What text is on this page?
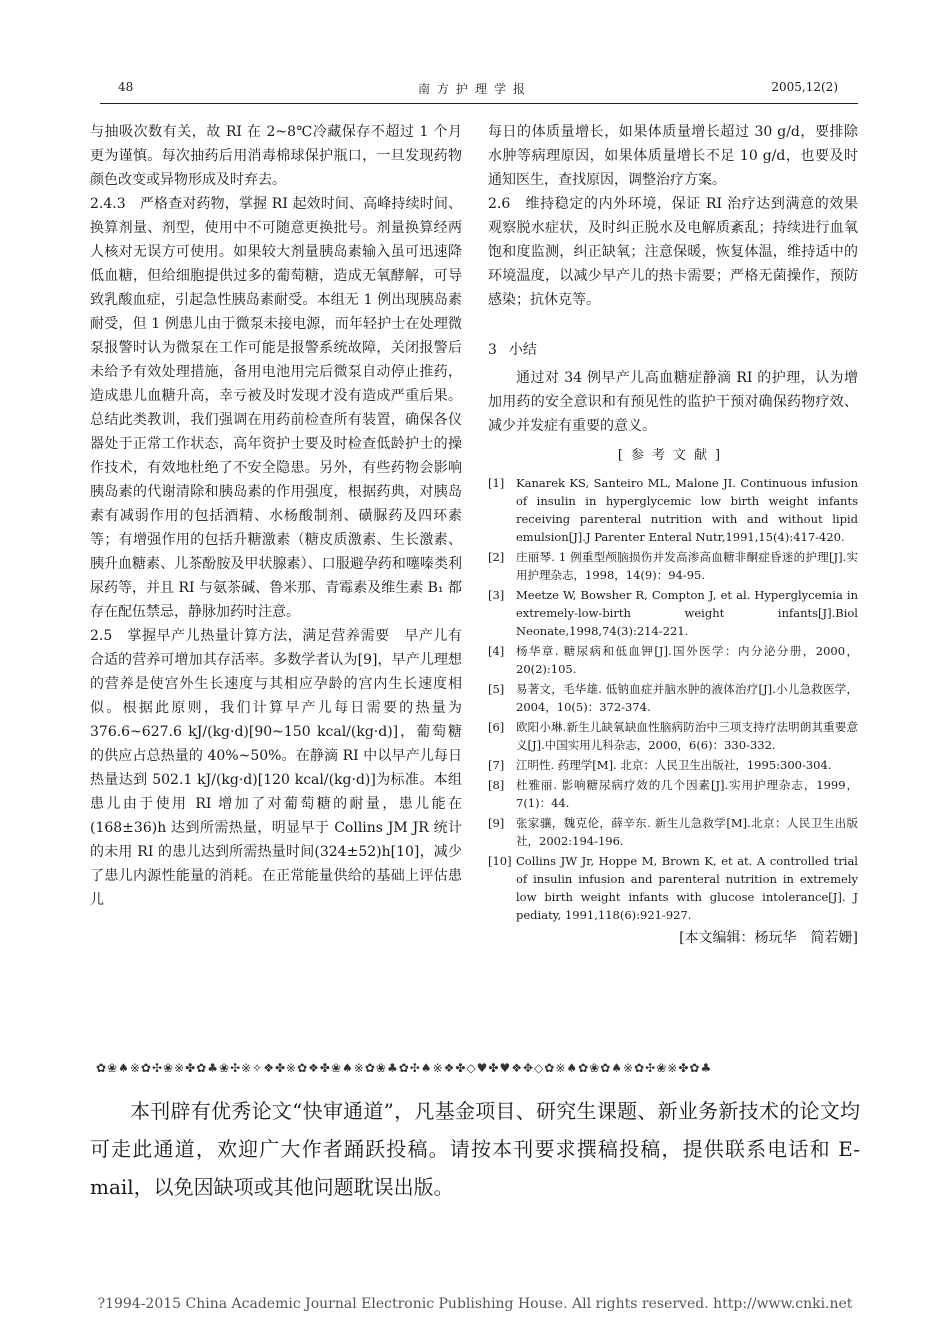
48	南方护理学报	2005,12(2)

与抽吸次数有关，故 RI 在 2~8℃冷藏保存不超过 1 个月更为谨慎。每次抽药后用消毒棉球保护瓶口，一旦发现药物颜色改变或异物形成及时弃去。

2.4.3　严格查对药物，掌握 RI 起效时间、高峰持续时间、换算剂量、剂型，使用中不可随意更换批号。剂量换算经两人核对无误方可使用。如果较大剂量胰岛素输入虽可迅速降低血糖，但给细胞提供过多的葡萄糖，造成无氧酵解，可导致乳酸血症，引起急性胰岛素耐受。本组无 1 例出现胰岛素耐受，但 1 例患儿由于微泵未接电源，而年轻护士在处理微泵报警时认为微泵在工作可能是报警系统故障，关闭报警后未给予有效处理措施，备用电池用完后微泵自动停止推药，造成患儿血糖升高，幸亏被及时发现才没有造成严重后果。总结此类教训，我们强调在用药前检查所有装置，确保各仪器处于正常工作状态，高年资护士要及时检查低龄护士的操作技术，有效地杜绝了不安全隐患。另外，有些药物会影响胰岛素的代谢清除和胰岛素的作用强度，根据药典，对胰岛素有减弱作用的包括酒精、水杨酸制剂、磺脲药及四环素等；有增强作用的包括升糖激素（糖皮质激素、生长激素、胰升血糖素、儿茶酚胺及甲状腺素）、口服避孕药和噻嗪类利尿药等，并且 RI 与氨茶碱、鲁米那、青霉素及维生素 B₁ 都存在配伍禁忌，静脉加药时注意。

2.5　掌握早产儿热量计算方法，满足营养需要　早产儿有合适的营养可增加其存活率。多数学者认为[9]，早产儿理想的营养是使宫外生长速度与其相应孕龄的宫内生长速度相似。根据此原则，我们计算早产儿每日需要的热量为 376.6~627.6 kJ/(kg·d)[90~150 kcal/(kg·d)]，葡萄糖的供应占总热量的 40%~50%。在静滴 RI 中以早产儿每日热量达到 502.1 kJ/(kg·d)[120 kcal/(kg·d)]为标准。本组患儿由于使用 RI 增加了对葡萄糖的耐量，患儿能在(168±36)h 达到所需热量，明显早于 Collins JM JR 统计的未用 RI 的患儿达到所需热量时间(324±52)h[10]，减少了患儿内源性能量的消耗。在正常能量供给的基础上评估患儿

每日的体质量增长，如果体质量增长超过 30 g/d，要排除水肿等病理原因，如果体质量增长不足 10 g/d，也要及时通知医生，查找原因，调整治疗方案。

2.6　维持稳定的内外环境，保证 RI 治疗达到满意的效果　观察脱水症状，及时纠正脱水及电解质紊乱；持续进行血氧饱和度监测，纠正缺氧；注意保暖，恢复体温，维持适中的环境温度，以减少早产儿的热卡需要；严格无菌操作，预防感染；抗休克等。

3 小结

通过对 34 例早产儿高血糖症静滴 RI 的护理，认为增加用药的安全意识和有预见性的监护干预对确保药物疗效、减少并发症有重要的意义。

[参考文献]
[1]	Kanarek KS, Santeiro ML, Malone JI. Continuous infusion of insulin in hyperglycemic low birth weight infants receiving parenteral nutrition with and without lipid emulsion[J].J Parenter Enteral Nutr,1991,15(4):417-420.
[2]	庄丽琴. 1 例重型颅脑损伤并发高渗高血糖非酮症昏迷的护理[J].实用护理杂志，1998，14(9)：94-95.
[3]	Meetze W, Bowsher R, Compton J, et al. Hyperglycemia in extremely-low-birth weight infants[J].Biol Neonate,1998,74(3):214-221.
[4]	杨华章. 糖尿病和低血钾[J].国外医学：内分泌分册，2000，20(2):105.
[5]	易著文，毛华雄. 低钠血症并脑水肿的液体治疗[J].小儿急救医学，2004，10(5)：372-374.
[6]	欧阳小琳.新生儿缺氧缺血性脑病防治中三项支持疗法明朗其重要意义[J].中国实用儿科杂志，2000，6(6)：330-332.
[7]	江明性. 药理学[M]. 北京：人民卫生出版社，1995:300-304.
[8]	杜雅丽. 影响糖尿病疗效的几个因素[J].实用护理杂志，1999，7(1)：44.
[9]	张家骧，魏克伦，薛辛东. 新生儿急救学[M].北京：人民卫生出版社，2002:194-196.
[10] Collins JW Jr, Hoppe M, Brown K, et at. A controlled trial of insulin infusion and parenteral nutrition in extremely low birth weight infants with glucose intolerance[J]. J pediaty, 1991,118(6):921-927.
[本文编辑：杨玩华　简若姗]
✿❀♠※✿✣❀※✤✿♣❀✣※✧❖✤※✿❖✤❀♠※✿❀♣✿✣♠※❖✤◇♥✤♥❖✥◇✿※♠✿❀✿♠※✿✣❀※✤✿♣

本刊辟有优秀论文“快审通道”，凡基金项目、研究生课题、新业务新技术的论文均可走此通道，欢迎广大作者踊跃投稿。请按本刊要求撰稿投稿，提供联系电话和 E-mail，以免因缺项或其他问题耽误出版。

?1994-2015 China Academic Journal Electronic Publishing House. All rights reserved. http://www.cnki.net
